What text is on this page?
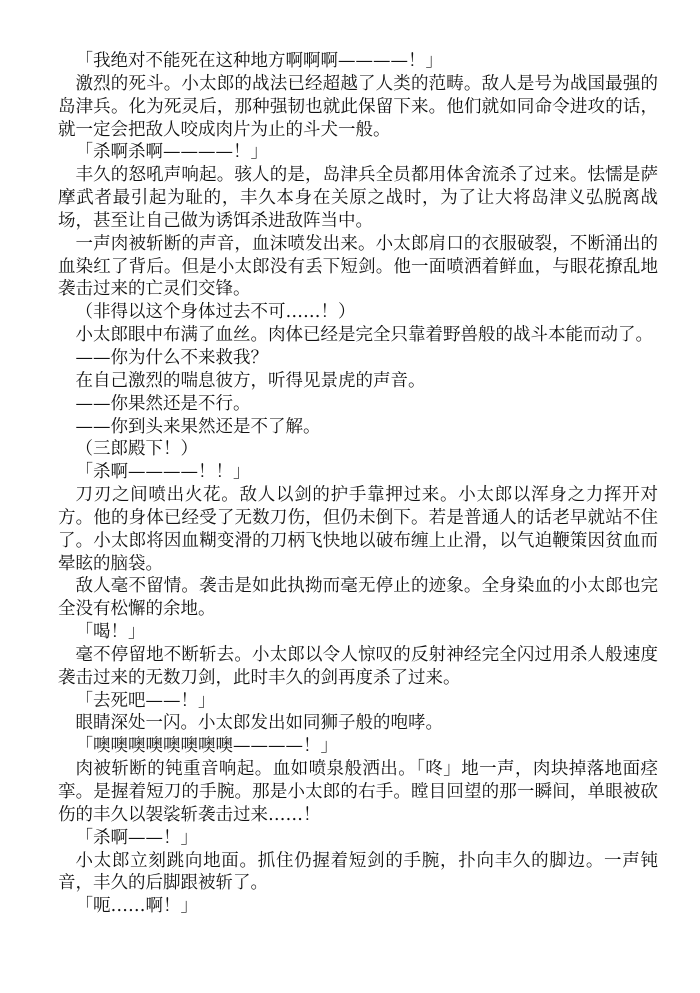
「我绝对不能死在这种地方啊啊啊————！」

激烈的死斗。小太郎的战法已经超越了人类的范畴。敌人是号为战国最强的岛津兵。化为死灵后，那种强韧也就此保留下来。他们就如同命令进攻的话，就一定会把敌人咬成肉片为止的斗犬一般。

「杀啊杀啊————！」

丰久的怒吼声响起。骇人的是，岛津兵全员都用体舍流杀了过来。怯懦是萨摩武者最引起为耻的，丰久本身在关原之战时，为了让大将岛津义弘脱离战场，甚至让自己做为诱饵杀进敌阵当中。

一声肉被斩断的声音，血沫喷发出来。小太郎肩口的衣服破裂，不断涌出的血染红了背后。但是小太郎没有丢下短剑。他一面喷洒着鲜血，与眼花撩乱地袭击过来的亡灵们交锋。

（非得以这个身体过去不可……！）

小太郎眼中布满了血丝。肉体已经是完全只靠着野兽般的战斗本能而动了。

——你为什么不来救我？

在自己激烈的喘息彼方，听得见景虎的声音。

——你果然还是不行。

——你到头来果然还是不了解。

（三郎殿下！）

「杀啊————！！」

刀刃之间喷出火花。敌人以剑的护手靠押过来。小太郎以浑身之力挥开对方。他的身体已经受了无数刀伤，但仍未倒下。若是普通人的话老早就站不住了。小太郎将因血糊变滑的刀柄飞快地以破布缠上止滑，以气迫鞭策因贫血而晕眩的脑袋。

敌人毫不留情。袭击是如此执拗而毫无停止的迹象。全身染血的小太郎也完全没有松懈的余地。

「喝！」

毫不停留地不断斩去。小太郎以令人惊叹的反射神经完全闪过用杀人般速度袭击过来的无数刀剑，此时丰久的剑再度杀了过来。

「去死吧——！」

眼睛深处一闪。小太郎发出如同狮子般的咆哮。

「噢噢噢噢噢噢噢噢————！」

肉被斩断的钝重音响起。血如喷泉般洒出。「咚」地一声，肉块掉落地面痉挛。是握着短刀的手腕。那是小太郎的右手。瞠目回望的那一瞬间，单眼被砍伤的丰久以袈裟斩袭击过来……！

「杀啊——！」

小太郎立刻跳向地面。抓住仍握着短剑的手腕，扑向丰久的脚边。一声钝音，丰久的后脚跟被斩了。

「呃……啊！」
